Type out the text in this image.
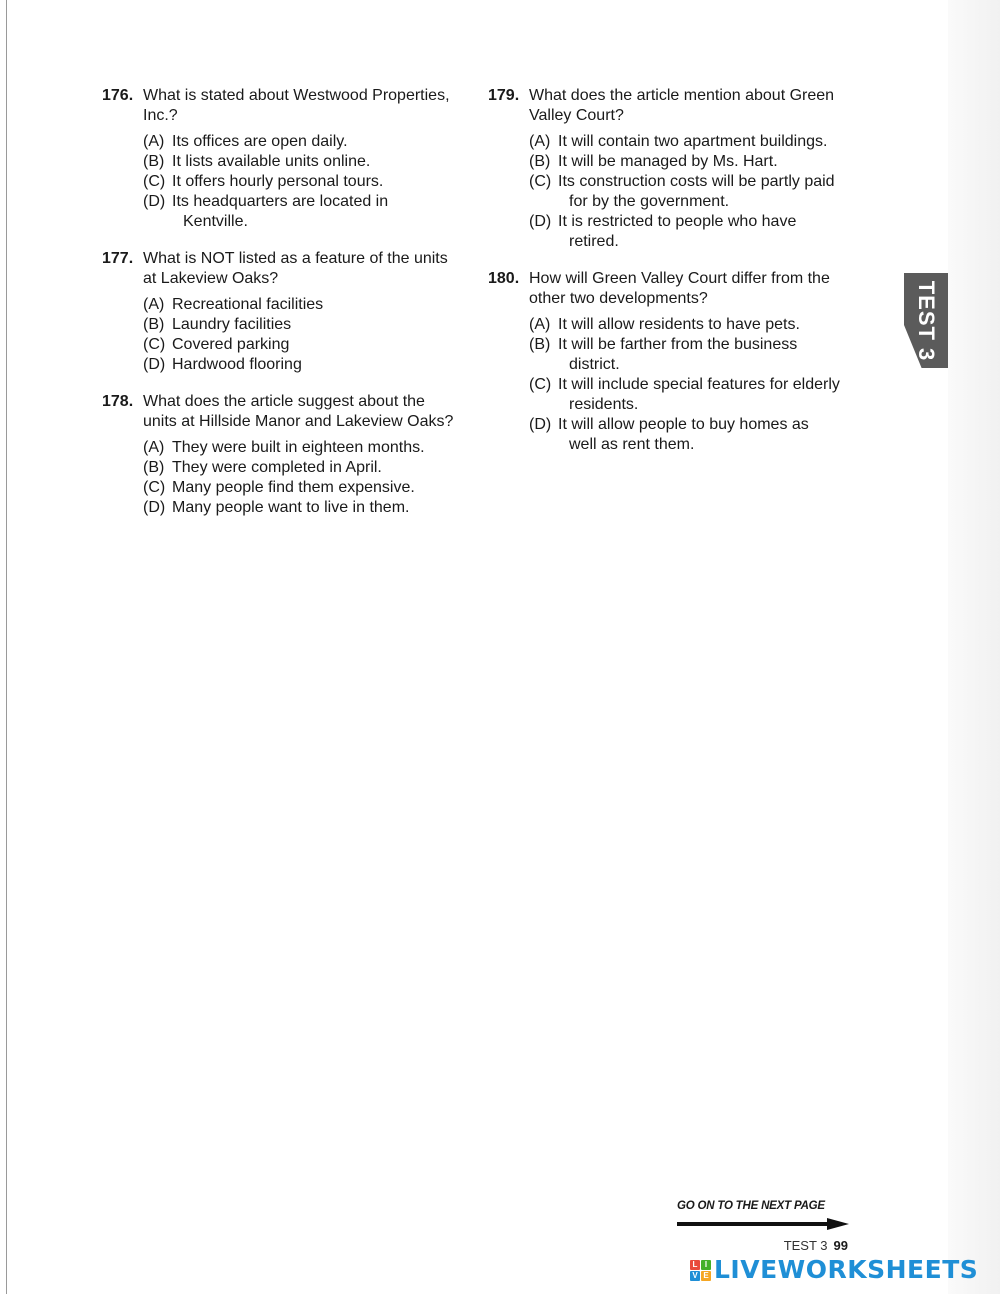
176. What is stated about Westwood Properties, Inc.?
(A) Its offices are open daily.
(B) It lists available units online.
(C) It offers hourly personal tours.
(D) Its headquarters are located in
Kentville.
177. What is NOT listed as a feature of the units at Lakeview Oaks?
(A) Recreational facilities
(B) Laundry facilities
(C) Covered parking
(D) Hardwood flooring
178. What does the article suggest about the units at Hillside Manor and Lakeview Oaks?
(A) They were built in eighteen months.
(B) They were completed in April.
(C) Many people find them expensive.
(D) Many people want to live in them.
179. What does the article mention about Green Valley Court?
(A) It will contain two apartment buildings.
(B) It will be managed by Ms. Hart.
(C) Its construction costs will be partly paid
for by the government.
(D) It is restricted to people who have
retired.
180. How will Green Valley Court differ from the other two developments?
(A) It will allow residents to have pets.
(B) It will be farther from the business
district.
(C) It will include special features for elderly
residents.
(D) It will allow people to buy homes as
well as rent them.
TEST 3
GO ON TO THE NEXT PAGE
TEST 3 99
L I
V E LIVEWORKSHEETS
